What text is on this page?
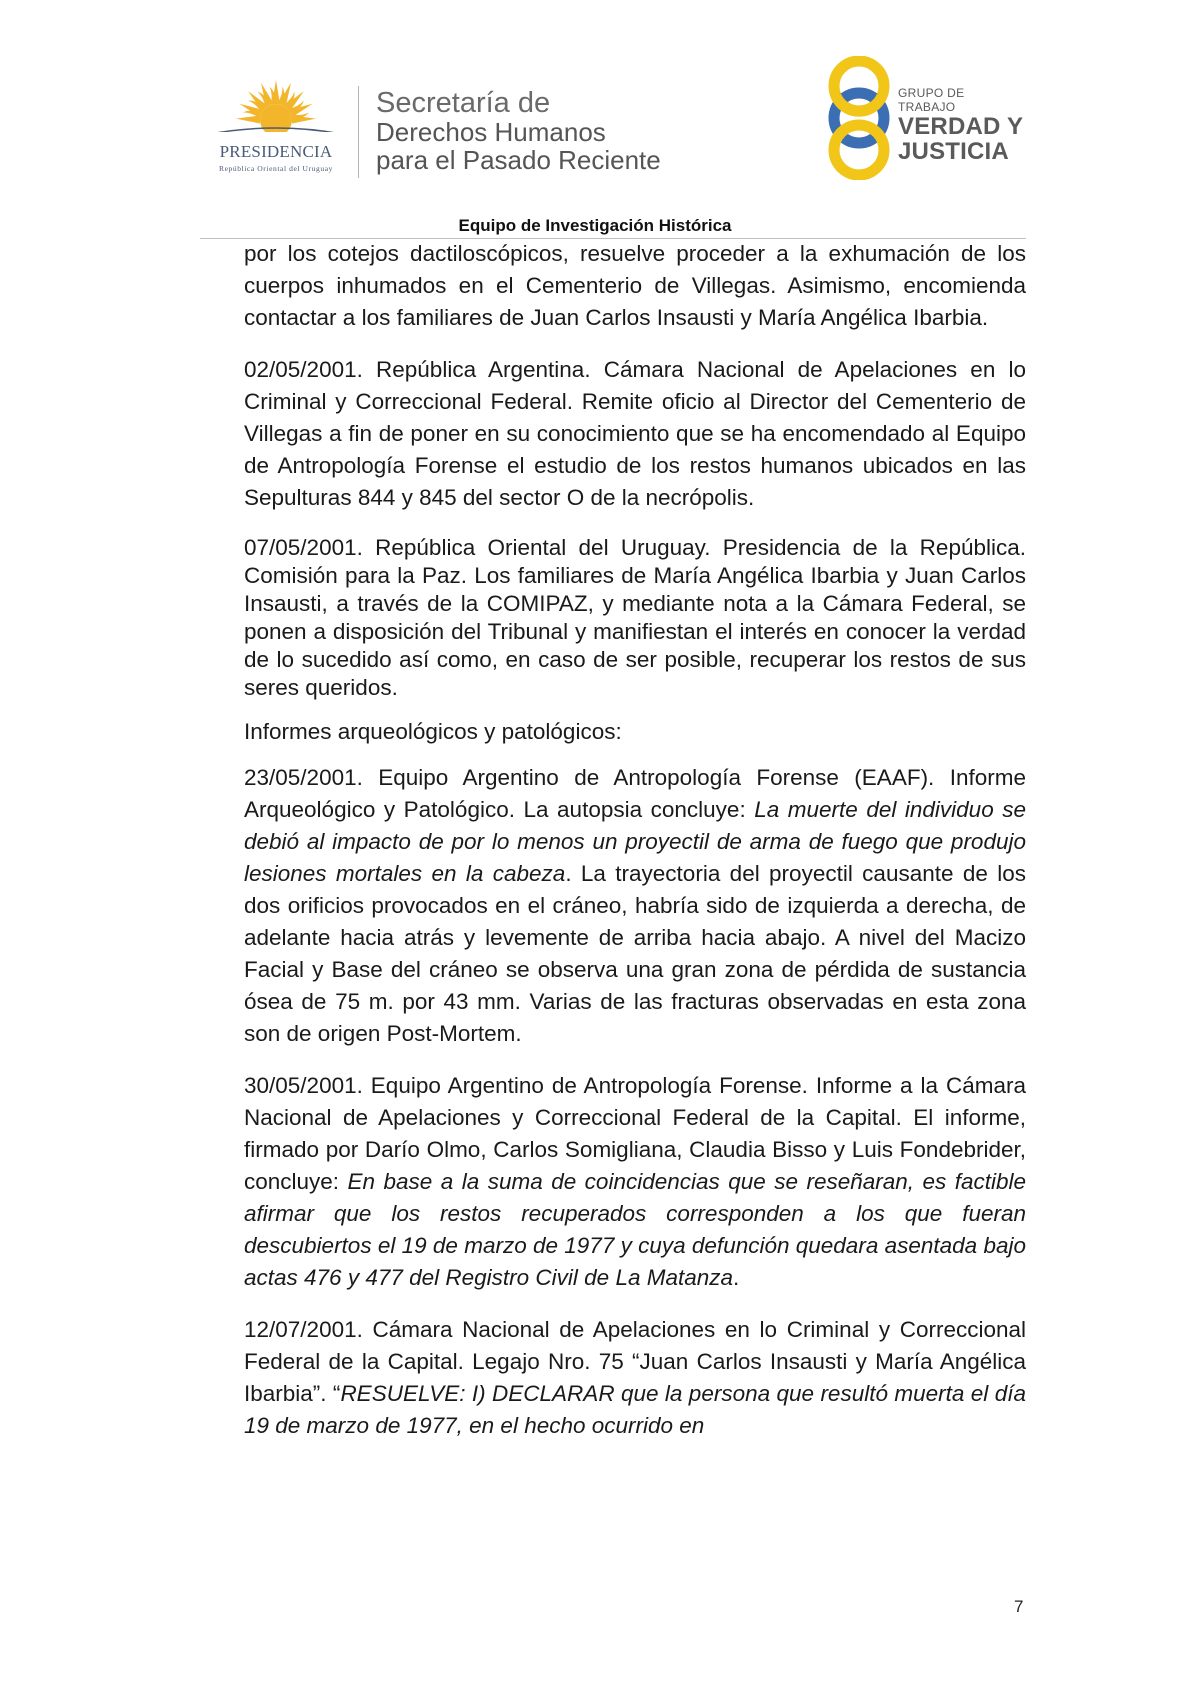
PRESIDENCIA
República Oriental del Uruguay
Secretaría de
Derechos Humanos
para el Pasado Reciente
GRUPO DE TRABAJO
VERDAD Y
JUSTICIA
Equipo de Investigación Histórica

por los cotejos dactiloscópicos, resuelve proceder a la exhumación de los cuerpos inhumados en el Cementerio de Villegas. Asimismo, encomienda contactar a los familiares de Juan Carlos Insausti y María Angélica Ibarbia.

02/05/2001. República Argentina. Cámara Nacional de Apelaciones en lo Criminal y Correccional Federal. Remite oficio al Director del Cementerio de Villegas a fin de poner en su conocimiento que se ha encomendado al Equipo de Antropología Forense el estudio de los restos humanos ubicados en las Sepulturas 844 y 845 del sector O de la necrópolis.

07/05/2001. República Oriental del Uruguay. Presidencia de la República. Comisión para la Paz. Los familiares de María Angélica Ibarbia y Juan Carlos Insausti, a través de la COMIPAZ, y mediante nota a la Cámara Federal, se ponen a disposición del Tribunal y manifiestan el interés en conocer la verdad de lo sucedido así como, en caso de ser posible, recuperar los restos de sus seres queridos.

Informes arqueológicos y patológicos:

23/05/2001. Equipo Argentino de Antropología Forense (EAAF). Informe Arqueológico y Patológico. La autopsia concluye: La muerte del individuo se debió al impacto de por lo menos un proyectil de arma de fuego que produjo lesiones mortales en la cabeza. La trayectoria del proyectil causante de los dos orificios provocados en el cráneo, habría sido de izquierda a derecha, de adelante hacia atrás y levemente de arriba hacia abajo. A nivel del Macizo Facial y Base del cráneo se observa una gran zona de pérdida de sustancia ósea de 75 m. por 43 mm. Varias de las fracturas observadas en esta zona son de origen Post-Mortem.

30/05/2001. Equipo Argentino de Antropología Forense. Informe a la Cámara Nacional de Apelaciones y Correccional Federal de la Capital. El informe, firmado por Darío Olmo, Carlos Somigliana, Claudia Bisso y Luis Fondebrider, concluye: En base a la suma de coincidencias que se reseñaran, es factible afirmar que los restos recuperados corresponden a los que fueran descubiertos el 19 de marzo de 1977 y cuya defunción quedara asentada bajo actas 476 y 477 del Registro Civil de La Matanza.

12/07/2001. Cámara Nacional de Apelaciones en lo Criminal y Correccional Federal de la Capital. Legajo Nro. 75 “Juan Carlos Insausti y María Angélica Ibarbia”. “RESUELVE: I) DECLARAR que la persona que resultó muerta el día 19 de marzo de 1977, en el hecho ocurrido en

7
